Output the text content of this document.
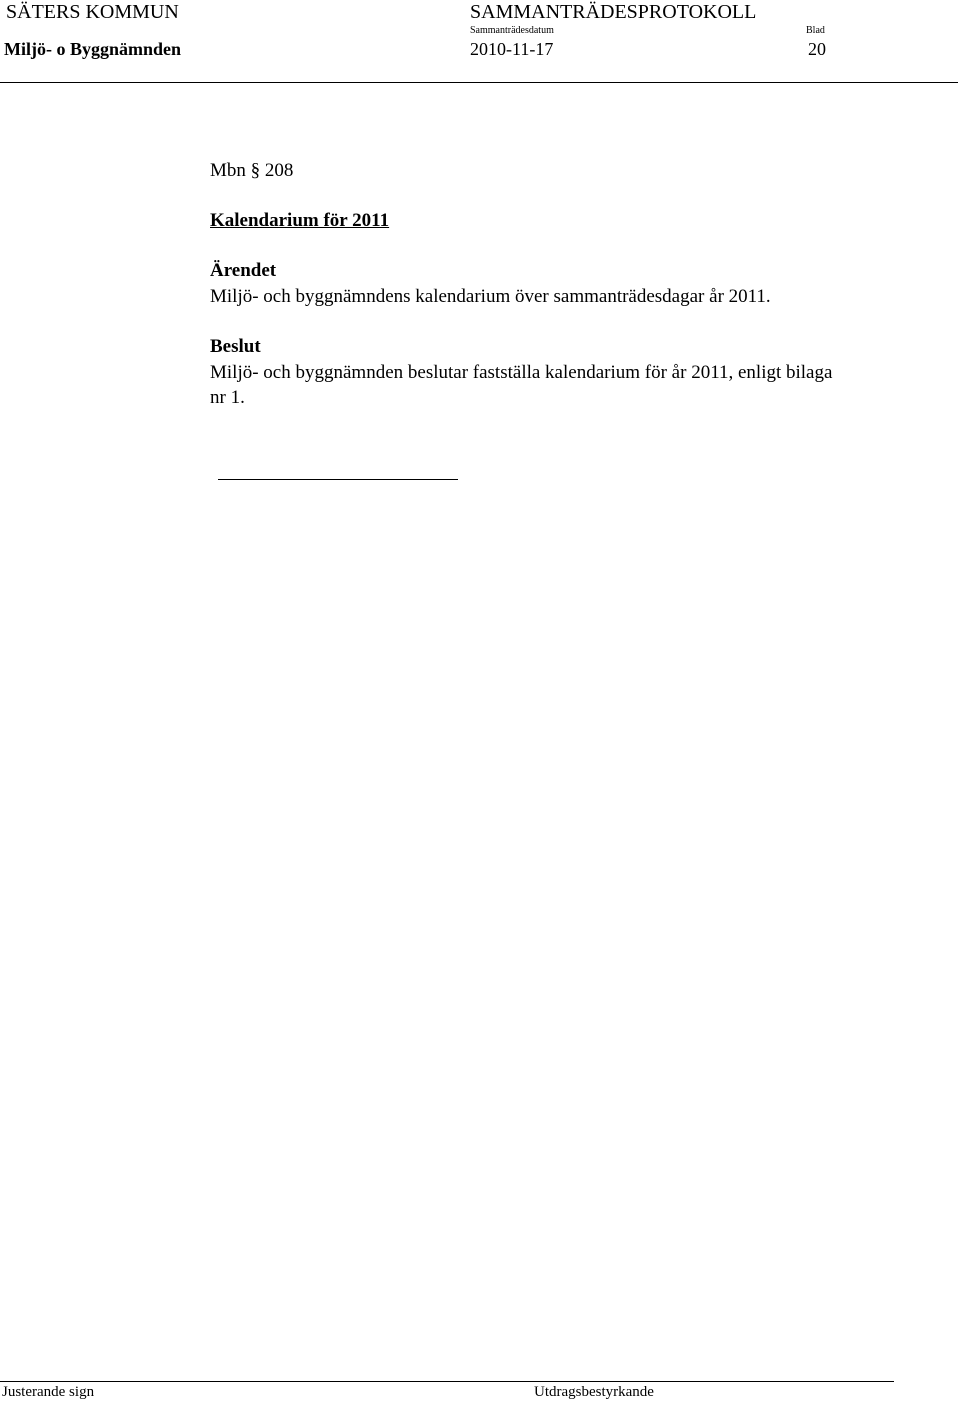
SÄTERS KOMMUN	SAMMANTRÄDESPROTOKOLL
Sammanträdesdatum	Blad
Miljö- o Byggnämnden	2010-11-17	20
Mbn § 208
Kalendarium för 2011
Ärendet
Miljö- och byggnämndens kalendarium över sammanträdesdagar år 2011.
Beslut
Miljö- och byggnämnden beslutar fastställa kalendarium för år 2011, enligt bilaga nr 1.
Justerande sign	Utdragsbestyrkande
